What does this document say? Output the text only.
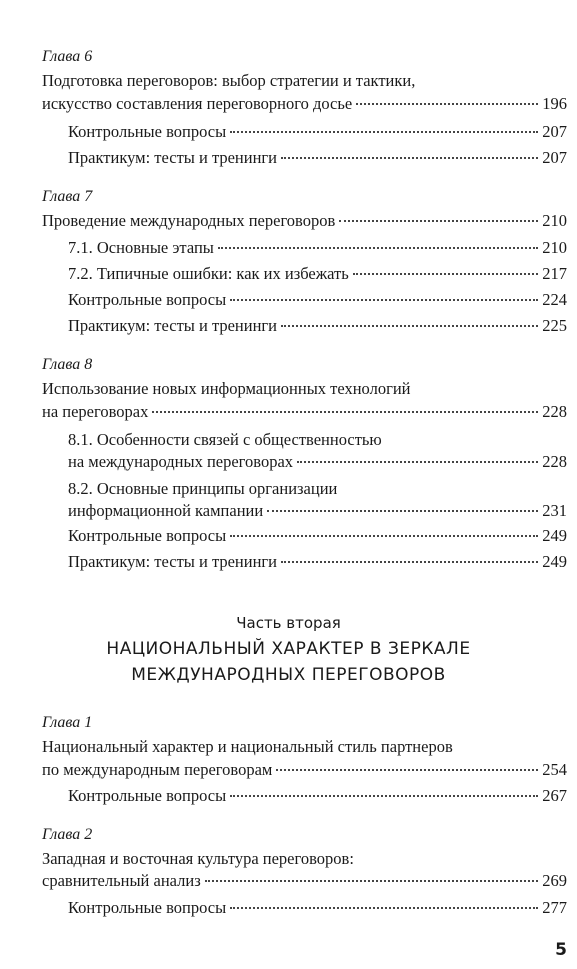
Глава 6
Подготовка переговоров: выбор стратегии и тактики,
искусство составления переговорного досье	196
Контрольные вопросы	207
Практикум: тесты и тренинги	207
Глава 7
Проведение международных переговоров	210
7.1. Основные этапы	210
7.2. Типичные ошибки: как их избежать	217
Контрольные вопросы	224
Практикум: тесты и тренинги	225
Глава 8
Использование новых информационных технологий
на переговорах	228
8.1. Особенности связей с общественностью
на международных переговорах	228
8.2. Основные принципы организации
информационной кампании	231
Контрольные вопросы	249
Практикум: тесты и тренинги	249
Часть вторая
НАЦИОНАЛЬНЫЙ ХАРАКТЕР В ЗЕРКАЛЕ
МЕЖДУНАРОДНЫХ ПЕРЕГОВОРОВ
Глава 1
Национальный характер и национальный стиль партнеров
по международным переговорам	254
Контрольные вопросы	267
Глава 2
Западная и восточная культура переговоров:
сравнительный анализ	269
Контрольные вопросы	277
5
